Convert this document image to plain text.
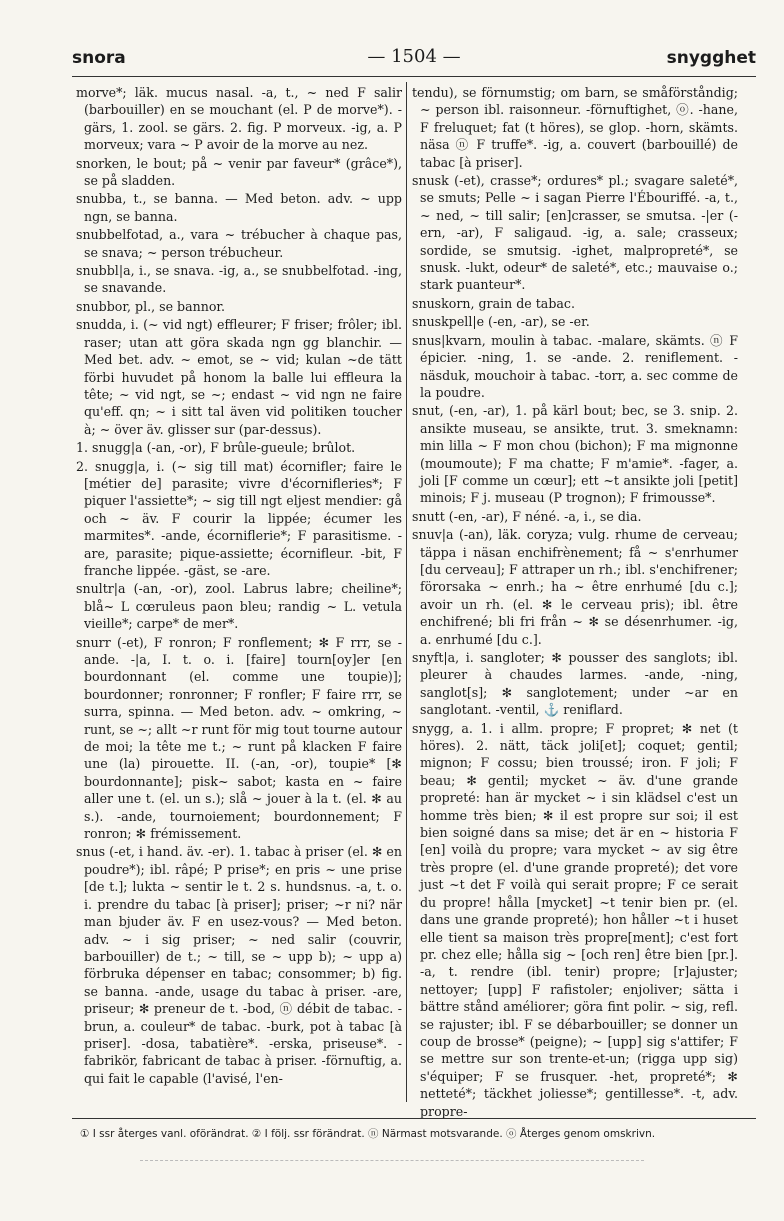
snora	— 1504 —	snygghet

morve*; läk. mucus nasal. -a, t., ~ ned F salir (barbouiller) en se mouchant (el. P de morve*). -gärs, 1. zool. se gärs. 2. fig. P morveux. -ig, a. P morveux; vara ~ P avoir de la morve au nez.

snorken, le bout; på ~ venir par faveur* (grâce*), se på sladden.

snubba, t., se banna. — Med beton. adv. ~ upp ngn, se banna.

snubbelfotad, a., vara ~ trébucher à chaque pas, se snava; ~ person trébucheur.

snubbl|a, i., se snava. -ig, a., se snubbelfotad. -ing, se snavande.

snubbor, pl., se bannor.

snudda, i. (~ vid ngt) effleurer; F friser; frôler; ibl. raser; utan att göra skada ngn gg blanchir. — Med bet. adv. ~ emot, se ~ vid; kulan ~de tätt förbi huvudet på honom la balle lui effleura la tête; ~ vid ngt, se ~; endast ~ vid ngn ne faire qu'eff. qn; ~ i sitt tal även vid politiken toucher à; ~ över äv. glisser sur (par-dessus).

1. snugg|a (-an, -or), F brûle-gueule; brûlot.

2. snugg|a, i. (~ sig till mat) écornifler; faire le [métier de] parasite; vivre d'écornifleries*; F piquer l'assiette*; ~ sig till ngt eljest mendier: gå och ~ äv. F courir la lippée; écumer les marmites*. -ande, écorniflerie*; F parasitisme. -are, parasite; pique-assiette; écornifleur. -bit, F franche lippée. -gäst, se -are.

snultr|a (-an, -or), zool. Labrus labre; cheiline*; blå~ L cœruleus paon bleu; randig ~ L. vetula vieille*; carpe* de mer*.

snurr (-et), F ronron; F ronflement; ✻ F rrr, se -ande. -|a, I. t. o. i. [faire] tourn[oy]er [en bourdonnant (el. comme une toupie)]; bourdonner; ronronner; F ronfler; F faire rrr, se surra, spinna. — Med beton. adv. ~ omkring, ~ runt, se ~; allt ~r runt för mig tout tourne autour de moi; la tête me t.; ~ runt på klacken F faire une (la) pirouette. II. (-an, -or), toupie* [✻ bourdonnante]; pisk~ sabot; kasta en ~ faire aller une t. (el. un s.); slå ~ jouer à la t. (el. ✻ au s.). -ande, tournoiement; bourdonnement; F ronron; ✻ frémissement.

snus (-et, i hand. äv. -er). 1. tabac à priser (el. ✻ en poudre*); ibl. râpé; P prise*; en pris ~ une prise [de t.]; lukta ~ sentir le t. 2 s. hundsnus. -a, t. o. i. prendre du tabac [à priser]; priser; ~r ni? när man bjuder äv. F en usez-vous? — Med beton. adv. ~ i sig priser; ~ ned salir (couvrir, barbouiller) de t.; ~ till, se ~ upp b); ~ upp a) förbruka dépenser en tabac; consommer; b) fig. se banna. -ande, usage du tabac à priser. -are, priseur; ✻ preneur de t. -bod, ⓝ débit de tabac. -brun, a. couleur* de tabac. -burk, pot à tabac [à priser]. -dosa, tabatière*. -erska, priseuse*. -fabrikör, fabricant de tabac à priser. -förnuftig, a. qui fait le capable (l'avisé, l'en-

tendu), se förnumstig; om barn, se småförståndig; ~ person ibl. raisonneur. -förnuftighet, ⓞ. -hane, F freluquet; fat (t höres), se glop. -horn, skämts. näsa ⓝ F truffe*. -ig, a. couvert (barbouillé) de tabac [à priser].

snusk (-et), crasse*; ordures* pl.; svagare saleté*, se smuts; Pelle ~ i sagan Pierre l'Ébouriffé. -a, t., ~ ned, ~ till salir; [en]crasser, se smutsa. -|er (-ern, -ar), F saligaud. -ig, a. sale; crasseux; sordide, se smutsig. -ighet, malpropreté*, se snusk. -lukt, odeur* de saleté*, etc.; mauvaise o.; stark puanteur*.

snuskorn, grain de tabac.

snuskpell|e (-en, -ar), se -er.

snus|kvarn, moulin à tabac. -malare, skämts. ⓝ F épicier. -ning, 1. se -ande. 2. reniflement. -näsduk, mouchoir à tabac. -torr, a. sec comme de la poudre.

snut, (-en, -ar), 1. på kärl bout; bec, se 3. snip. 2. ansikte museau, se ansikte, trut. 3. smeknamn: min lilla ~ F mon chou (bichon); F ma mignonne (moumoute); F ma chatte; F m'amie*. -fager, a. joli [F comme un cœur]; ett ~t ansikte joli [petit] minois; F j. museau (P trognon); F frimousse*.

snutt (-en, -ar), F néné. -a, i., se dia.

snuv|a (-an), läk. coryza; vulg. rhume de cerveau; täppa i näsan enchifrènement; få ~ s'enrhumer [du cerveau]; F attraper un rh.; ibl. s'enchifrener; förorsaka ~ enrh.; ha ~ être enrhumé [du c.]; avoir un rh. (el. ✻ le cerveau pris); ibl. être enchifrené; bli fri från ~ ✻ se désenrhumer. -ig, a. enrhumé [du c.].

snyft|a, i. sangloter; ✻ pousser des sanglots; ibl. pleurer à chaudes larmes. -ande, -ning, sanglot[s]; ✻ sanglotement; under ~ar en sanglotant. -ventil, ⚓ reniflard.

snygg, a. 1. i allm. propre; F propret; ✻ net (t höres). 2. nätt, täck joli[et]; coquet; gentil; mignon; F cossu; bien troussé; iron. F joli; F beau; ✻ gentil; mycket ~ äv. d'une grande propreté: han är mycket ~ i sin klädsel c'est un homme très bien; ✻ il est propre sur soi; il est bien soigné dans sa mise; det är en ~ historia F [en] voilà du propre; vara mycket ~ av sig être très propre (el. d'une grande propreté); det vore just ~t det F voilà qui serait propre; F ce serait du propre! hålla [mycket] ~t tenir bien pr. (el. dans une grande propreté); hon håller ~t i huset elle tient sa maison très propre[ment]; c'est fort pr. chez elle; hålla sig ~ [och ren] être bien [pr.]. -a, t. rendre (ibl. tenir) propre; [r]ajuster; nettoyer; [upp] F rafistoler; enjoliver; sätta i bättre stånd améliorer; göra fint polir. ~ sig, refl. se rajuster; ibl. F se débarbouiller; se donner un coup de brosse* (peigne); ~ [upp] sig s'attifer; F se mettre sur son trente-et-un; (rigga upp sig) s'équiper; F se frusquer. -het, propreté*; ✻ netteté*; täckhet joliesse*; gentillesse*. -t, adv. propre-

① I ssr återges vanl. oförändrat. ② I följ. ssr förändrat. ⓝ Närmast motsvarande. ⓞ Återges genom omskrivn.
